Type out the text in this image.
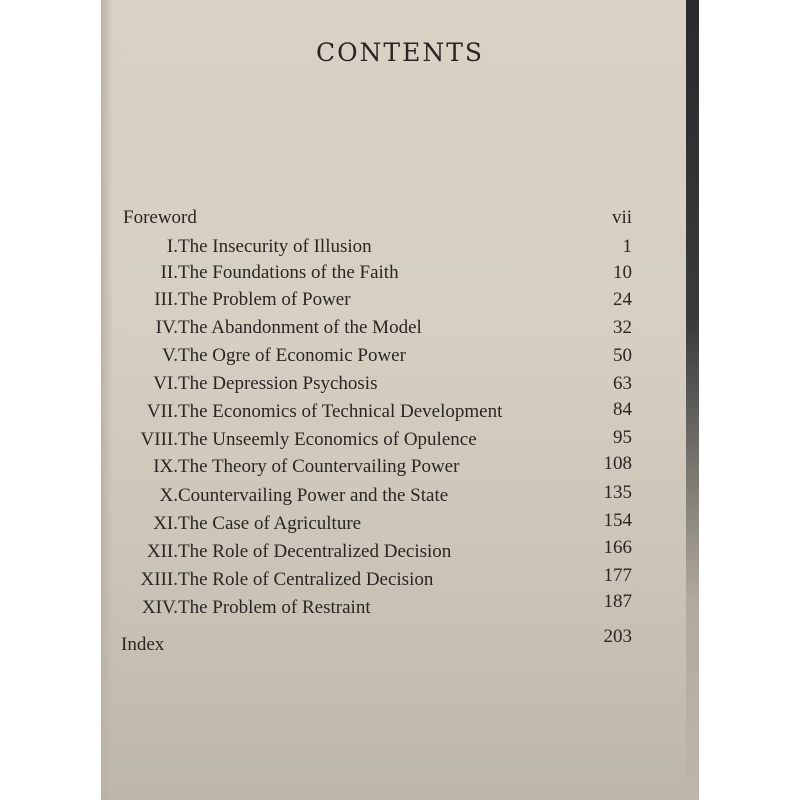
CONTENTS
Foreword	vii
I. The Insecurity of Illusion	1
II. The Foundations of the Faith	10
III. The Problem of Power	24
IV. The Abandonment of the Model	32
V. The Ogre of Economic Power	50
VI. The Depression Psychosis	63
VII. The Economics of Technical Development	84
VIII. The Unseemly Economics of Opulence	95
IX. The Theory of Countervailing Power	108
X. Countervailing Power and the State	135
XI. The Case of Agriculture	154
XII. The Role of Decentralized Decision	166
XIII. The Role of Centralized Decision	177
XIV. The Problem of Restraint	187
Index	203
